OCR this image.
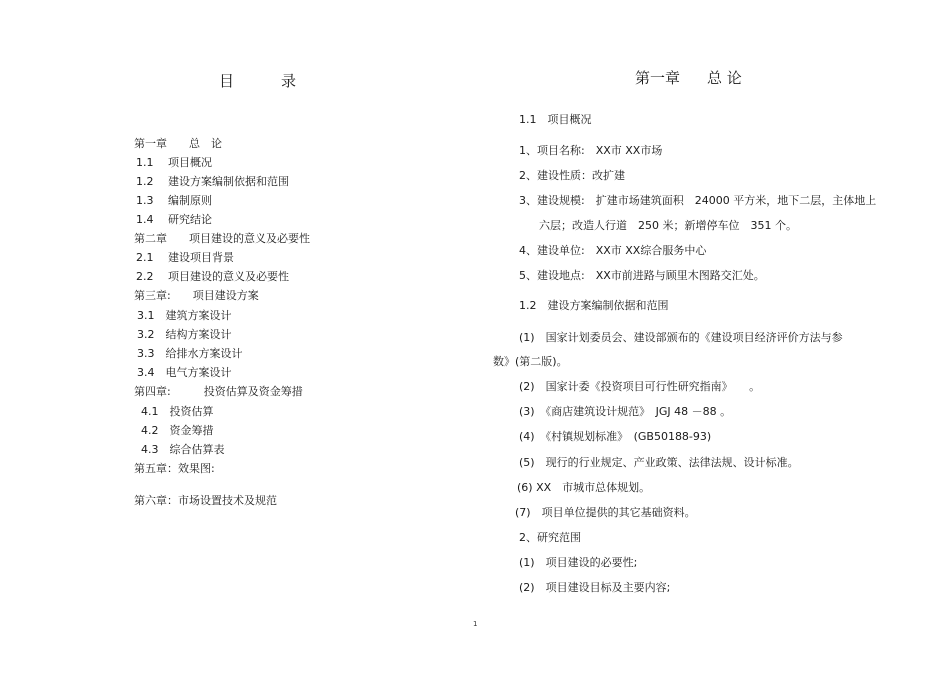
目	录
第一章　　总　论
1.1　 项目概况
1.2　 建设方案编制依据和范围
1.3　 编制原则
1.4　 研究结论
第二章　　项目建设的意义及必要性
2.1　 建设项目背景
2.2　 项目建设的意义及必要性
第三章:　　项目建设方案
3.1　建筑方案设计
3.2　结构方案设计
3.3　给排水方案设计
3.4　电气方案设计
第四章:　　　投资估算及资金筹措
4.1　投资估算
4.2　资金筹措
4.3　综合估算表
第五章：效果图:
第六章：市场设置技术及规范
第一章 总 论
1.1　项目概况
1、项目名称:　XX市 XX市场
2、建设性质：改扩建
3、建设规模:　扩建市场建筑面积　24000 平方米，地下二层，主体地上
六层；改造人行道　250 米；新增停车位　351 个。
4、建设单位:　XX市 XX综合服务中心
5、建设地点:　XX市前进路与顾里木图路交汇处。
1.2　建设方案编制依据和范围
(1)　国家计划委员会、建设部颁布的《建设项目经济评价方法与参
数》(第二版)。
(2)　国家计委《投资项目可行性研究指南》　　。
(3)　《商店建筑设计规范》　JGJ 48 －88 。
(4)　《村镇规划标准》　(GB50188-93)
(5)　现行的行业规定、产业政策、法律法规、设计标准。
(6) XX　市城市总体规划。
(7)　项目单位提供的其它基础资料。
2、研究范围
(1)　项目建设的必要性;
(2)　项目建设目标及主要内容;
1
